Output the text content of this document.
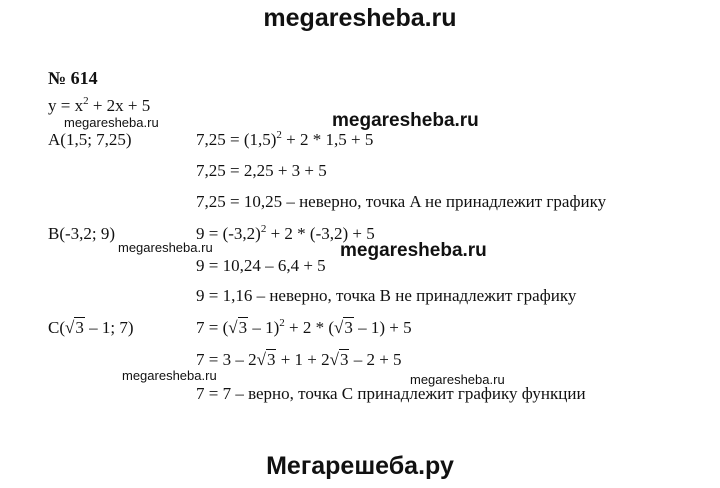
megaresheba.ru
№ 614
$y = x^2 + 2x + 5$
megaresheba.ru	megaresheba.ru
A(1,5; 7,25)	$7,25 = (1,5)^2 + 2 * 1,5 + 5$
7,25 = 2,25 + 3 + 5
7,25 = 10,25 – неверно, точка A не принадлежит графику
B(-3,2; 9)	$9 = (-3,2)^2 + 2 * (-3,2) + 5$
megaresheba.ru	megaresheba.ru
9 = 10,24 – 6,4 + 5
9 = 1,16 – неверно, точка B не принадлежит графику
C(√3 – 1; 7)	7 = (√3 – 1)$^2$ + 2 * (√3 – 1) + 5
7 = 3 – 2√3 + 1 + 2√3 – 2 + 5
megaresheba.ru	megaresheba.ru
7 = 7 – верно, точка C принадлежит графику функции
Мегарешеба.ру
